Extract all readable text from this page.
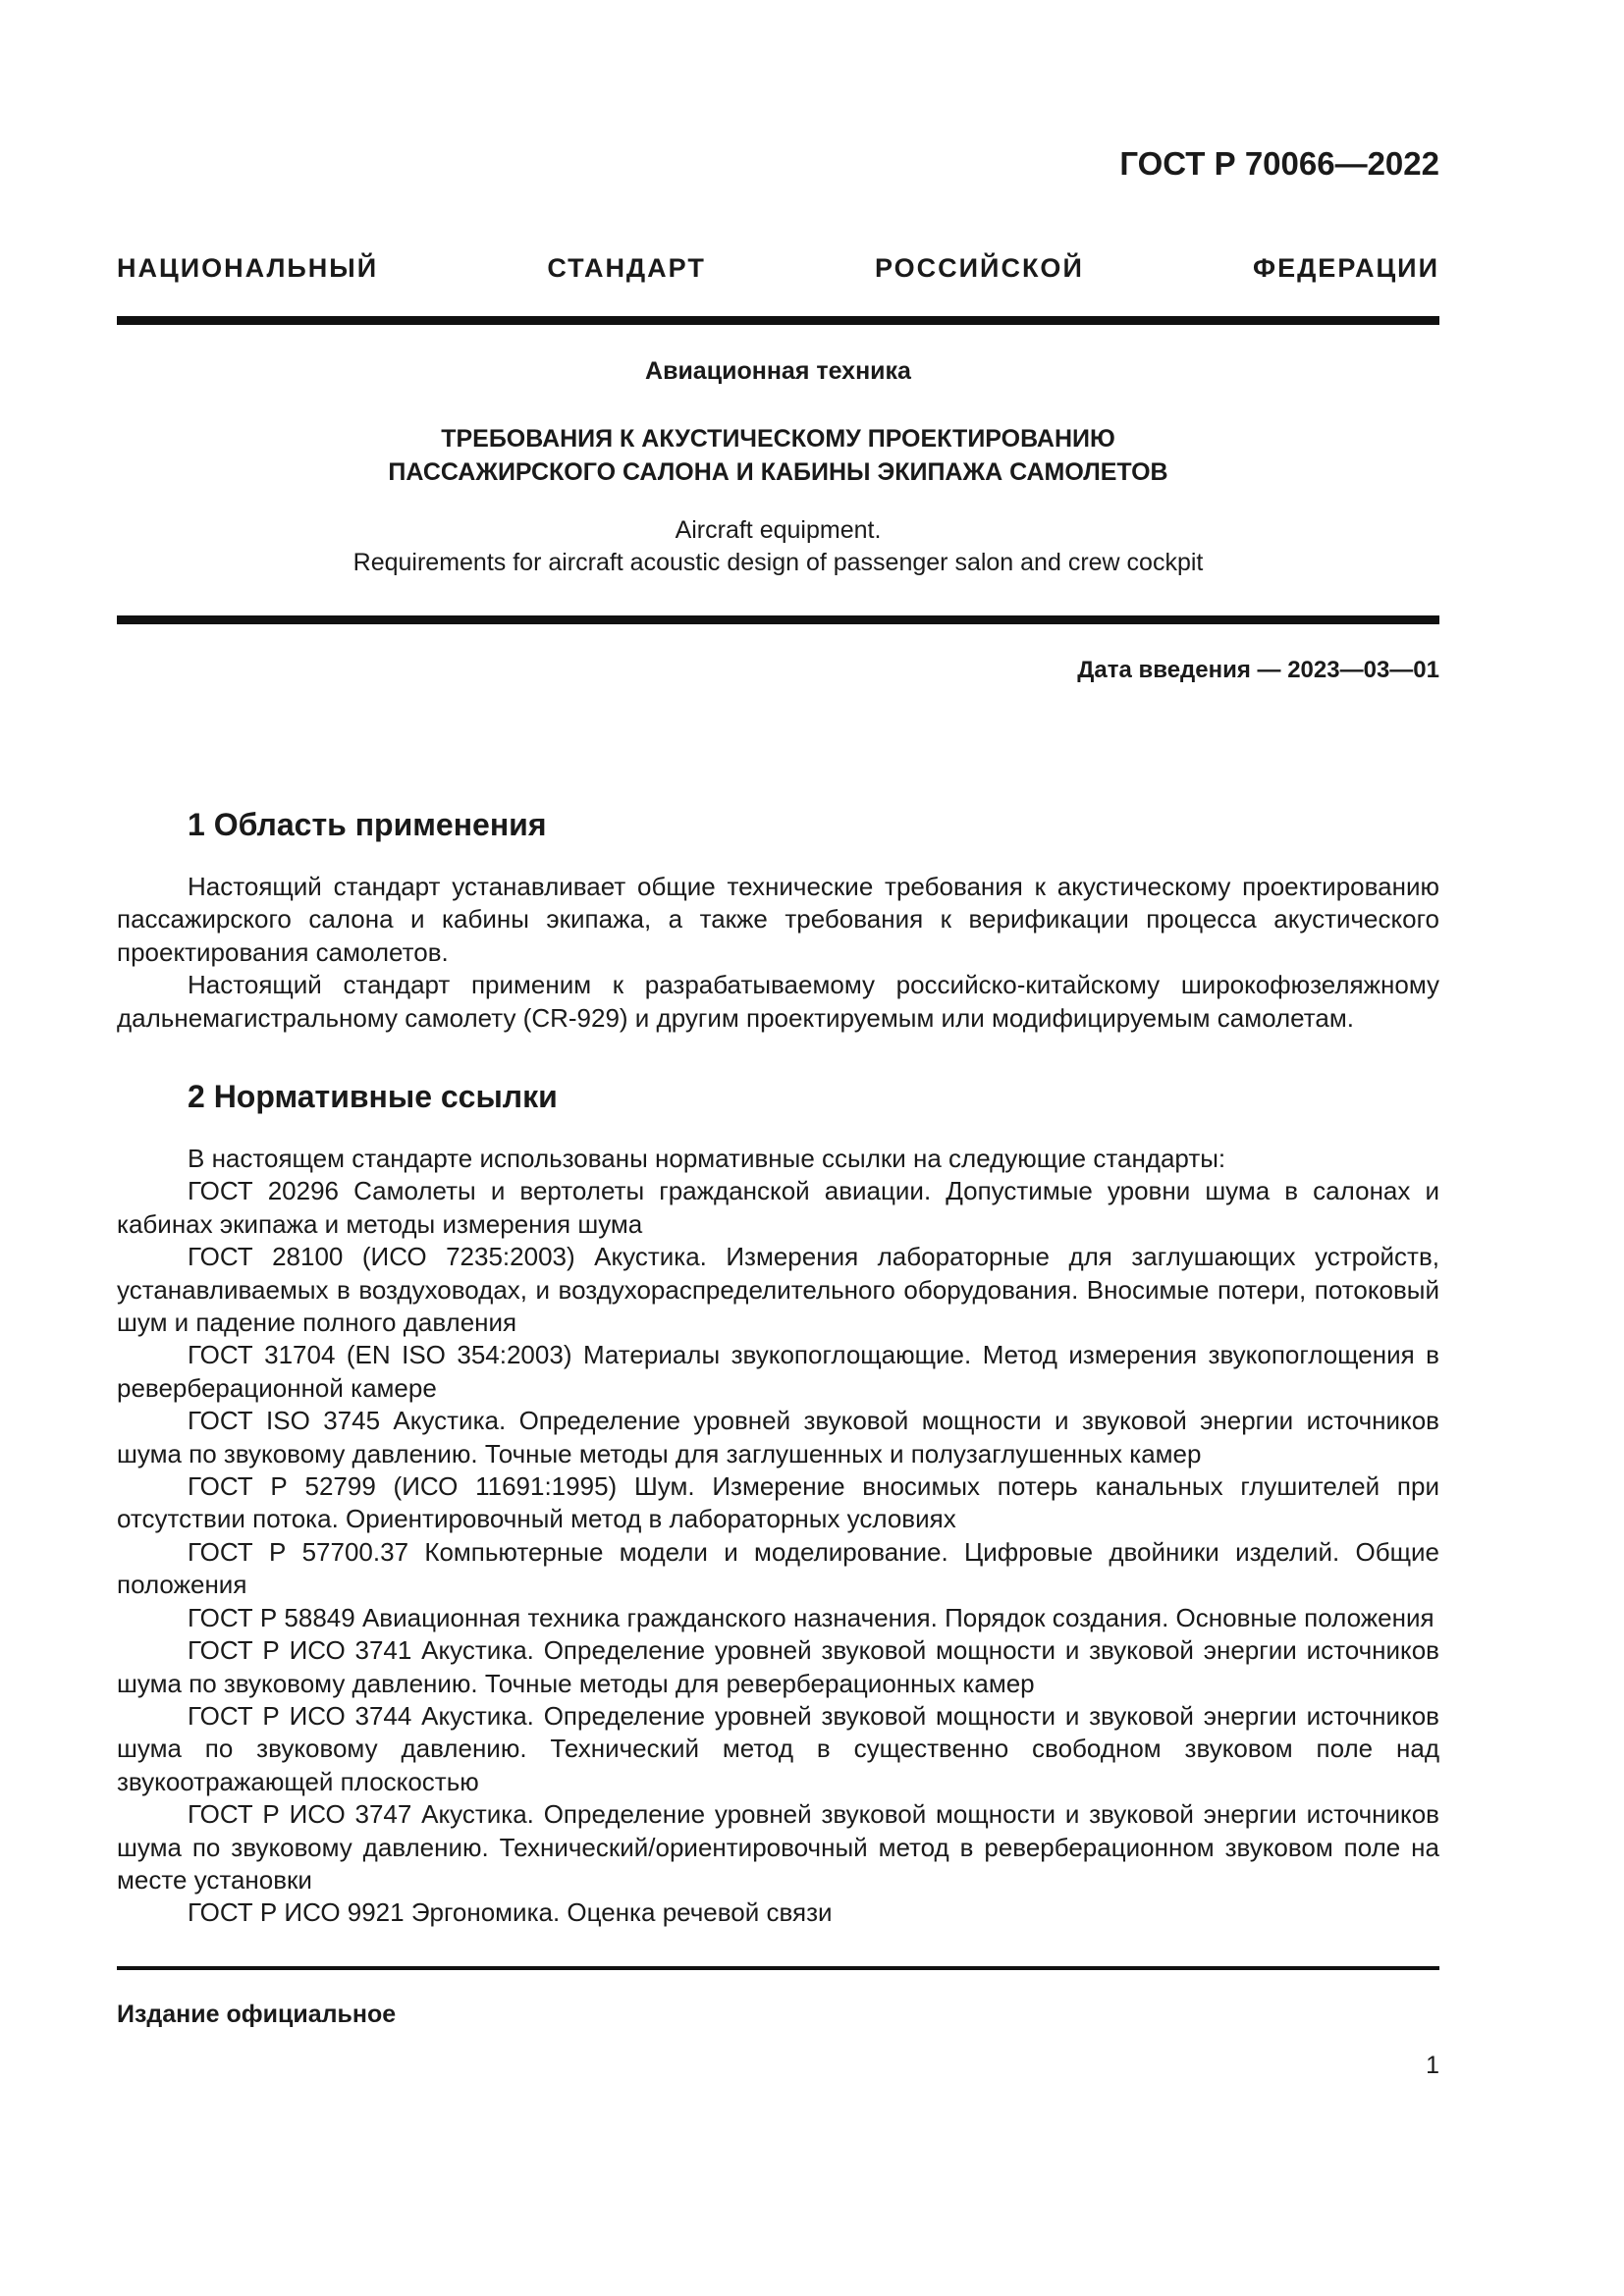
ГОСТ Р 70066—2022
НАЦИОНАЛЬНЫЙ СТАНДАРТ РОССИЙСКОЙ ФЕДЕРАЦИИ
Авиационная техника
ТРЕБОВАНИЯ К АКУСТИЧЕСКОМУ ПРОЕКТИРОВАНИЮ
ПАССАЖИРСКОГО САЛОНА И КАБИНЫ ЭКИПАЖА САМОЛЕТОВ
Aircraft equipment.
Requirements for aircraft acoustic design of passenger salon and crew cockpit
Дата введения — 2023—03—01
1 Область применения

Настоящий стандарт устанавливает общие технические требования к акустическому проектированию пассажирского салона и кабины экипажа, а также требования к верификации процесса акустического проектирования самолетов.

Настоящий стандарт применим к разрабатываемому российско-китайскому широкофюзеляжному дальнемагистральному самолету (CR-929) и другим проектируемым или модифицируемым самолетам.

2 Нормативные ссылки

В настоящем стандарте использованы нормативные ссылки на следующие стандарты:

ГОСТ 20296 Самолеты и вертолеты гражданской авиации. Допустимые уровни шума в салонах и кабинах экипажа и методы измерения шума

ГОСТ 28100 (ИСО 7235:2003) Акустика. Измерения лабораторные для заглушающих устройств, устанавливаемых в воздуховодах, и воздухораспределительного оборудования. Вносимые потери, потоковый шум и падение полного давления

ГОСТ 31704 (EN ISO 354:2003) Материалы звукопоглощающие. Метод измерения звукопоглощения в реверберационной камере

ГОСТ ISO 3745 Акустика. Определение уровней звуковой мощности и звуковой энергии источников шума по звуковому давлению. Точные методы для заглушенных и полузаглушенных камер

ГОСТ Р 52799 (ИСО 11691:1995) Шум. Измерение вносимых потерь канальных глушителей при отсутствии потока. Ориентировочный метод в лабораторных условиях

ГОСТ Р 57700.37 Компьютерные модели и моделирование. Цифровые двойники изделий. Общие положения

ГОСТ Р 58849 Авиационная техника гражданского назначения. Порядок создания. Основные положения

ГОСТ Р ИСО 3741 Акустика. Определение уровней звуковой мощности и звуковой энергии источников шума по звуковому давлению. Точные методы для реверберационных камер

ГОСТ Р ИСО 3744 Акустика. Определение уровней звуковой мощности и звуковой энергии источников шума по звуковому давлению. Технический метод в существенно свободном звуковом поле над звукоотражающей плоскостью

ГОСТ Р ИСО 3747 Акустика. Определение уровней звуковой мощности и звуковой энергии источников шума по звуковому давлению. Технический/ориентировочный метод в реверберационном звуковом поле на месте установки

ГОСТ Р ИСО 9921 Эргономика. Оценка речевой связи

Издание официальное
1
